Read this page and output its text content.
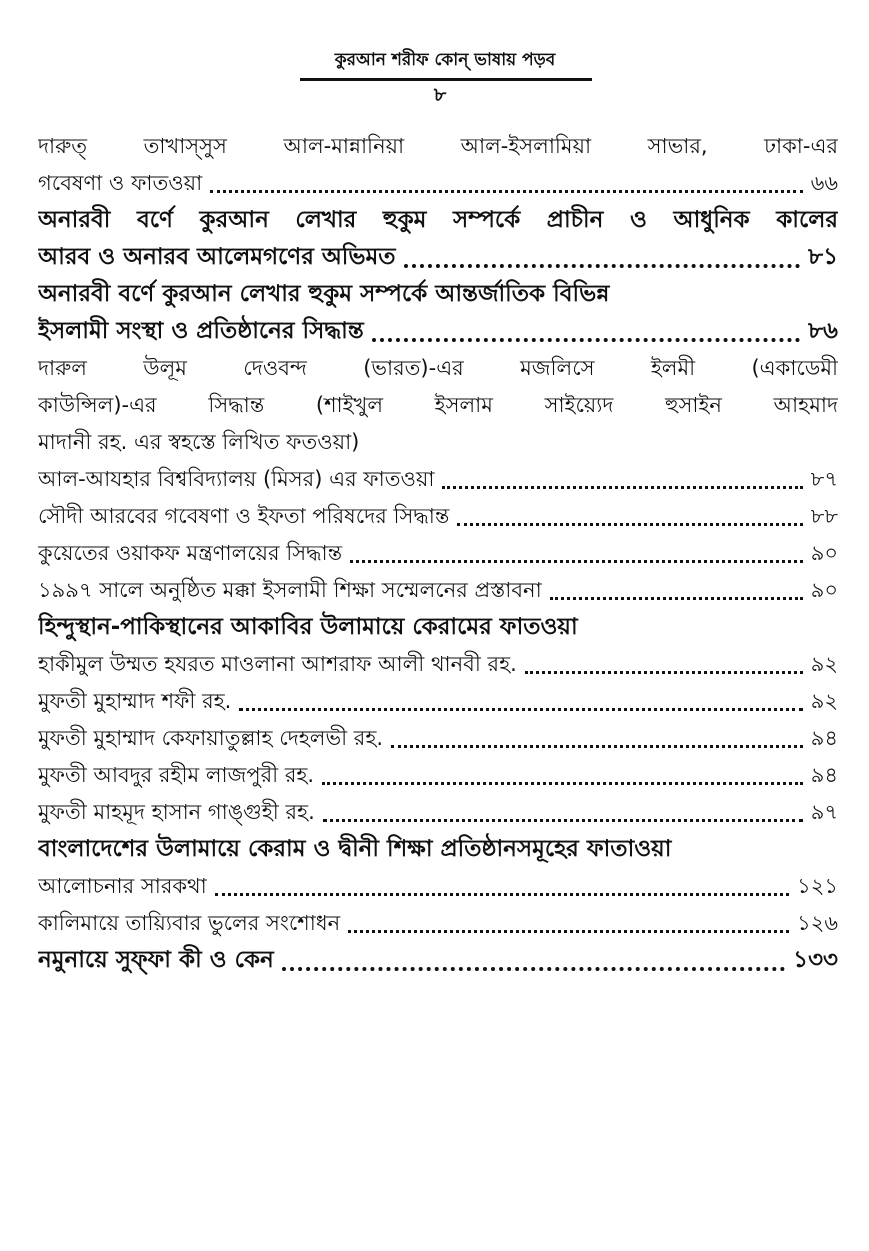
কুরআন শরীফ কোন্‌ ভাষায় পড়ব
৮
দারুত্‌ তাখাস্‌সুস আল-মান্নানিয়া আল-ইসলামিয়া সাভার, ঢাকা-এর
গবেষণা ও ফাতওয়া	৬৬
অনারবী বর্ণে কুরআন লেখার হুকুম সম্পর্কে প্রাচীন ও আধুনিক কালের
আরব ও অনারব আলেমগণের অভিমত	৮১
অনারবী বর্ণে কুরআন লেখার হুকুম সম্পর্কে আন্তর্জাতিক বিভিন্ন
ইসলামী সংস্থা ও প্রতিষ্ঠানের সিদ্ধান্ত	৮৬
দারুল উলূম দেওবন্দ (ভারত)-এর মজলিসে ইলমী (একাডেমী
কাউন্সিল)-এর সিদ্ধান্ত (শাইখুল ইসলাম সাইয়্যেদ হুসাইন আহমাদ
মাদানী রহ. এর স্বহস্তে লিখিত ফতওয়া)
আল-আযহার বিশ্ববিদ্যালয় (মিসর) এর ফাতওয়া	৮৭
সৌদী আরবের গবেষণা ও ইফতা পরিষদের সিদ্ধান্ত	৮৮
কুয়েতের ওয়াকফ মন্ত্রণালয়ের সিদ্ধান্ত	৯০
১৯৯৭ সালে অনুষ্ঠিত মক্কা ইসলামী শিক্ষা সম্মেলনের প্রস্তাবনা	৯০
হিন্দুস্থান-পাকিস্থানের আকাবির উলামায়ে কেরামের ফাতওয়া
হাকীমুল উম্মত হযরত মাওলানা আশরাফ আলী থানবী রহ.	৯২
মুফতী মুহাম্মাদ শফী রহ.	৯২
মুফতী মুহাম্মাদ কেফায়াতুল্লাহ দেহলভী রহ.	৯৪
মুফতী আবদুর রহীম লাজপুরী রহ.	৯৪
মুফতী মাহমূদ হাসান গাঙ্গুহী রহ.	৯৭
বাংলাদেশের উলামায়ে কেরাম ও দ্বীনী শিক্ষা প্রতিষ্ঠানসমূহের ফাতাওয়া
আলোচনার সারকথা	১২১
কালিমায়ে তায়্যিবার ভুলের সংশোধন	১২৬
নমুনায়ে সুফ্‌ফা কী ও কেন	১৩৩
